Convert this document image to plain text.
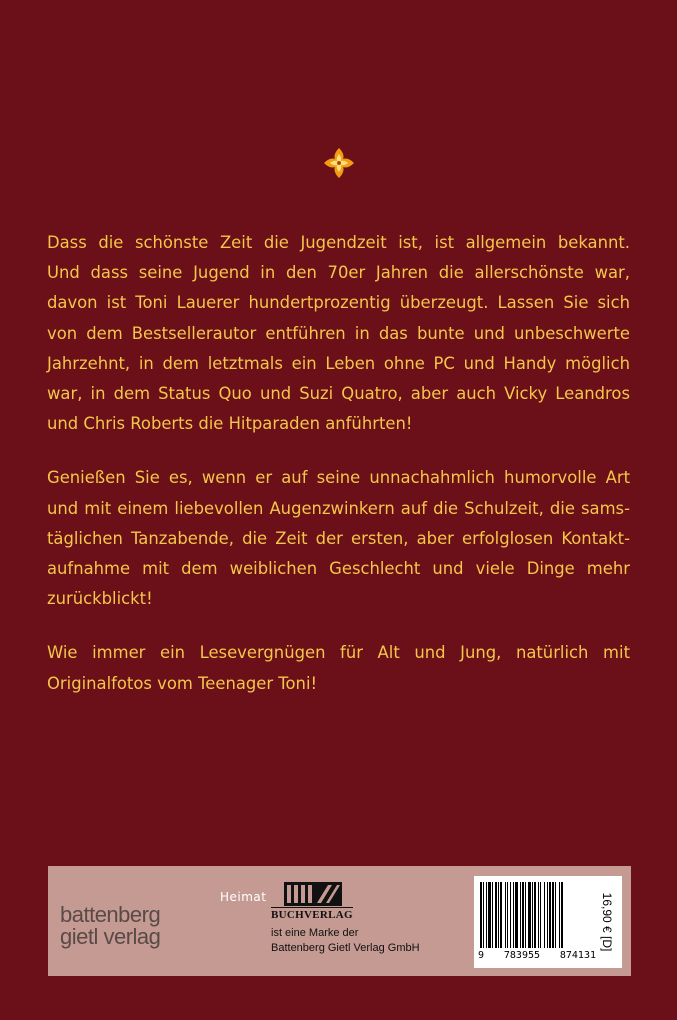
Dass die schönste Zeit die Jugendzeit ist, ist allgemein bekannt.
Und dass seine Jugend in den 70er Jahren die allerschönste war,
davon ist Toni Lauerer hundertprozentig überzeugt. Lassen Sie sich
von dem Bestsellerautor entführen in das bunte und unbeschwerte
Jahrzehnt, in dem letztmals ein Leben ohne PC und Handy möglich
war, in dem Status Quo und Suzi Quatro, aber auch Vicky Leandros
und Chris Roberts die Hitparaden anführten!

Genießen Sie es, wenn er auf seine unnachahmlich humorvolle Art
und mit einem liebevollen Augenzwinkern auf die Schulzeit, die sams-
täglichen Tanzabende, die Zeit der ersten, aber erfolglosen Kontakt-
aufnahme mit dem weiblichen Geschlecht und viele Dinge mehr
zurückblickt!

Wie immer ein Lesevergnügen für Alt und Jung, natürlich mit
Originalfotos vom Teenager Toni!

Heimat
battenberg
gietl verlag
BUCHVERLAG
ist eine Marke der
Battenberg Gietl Verlag GmbH
9 783955 874131
16,90 € [D]
